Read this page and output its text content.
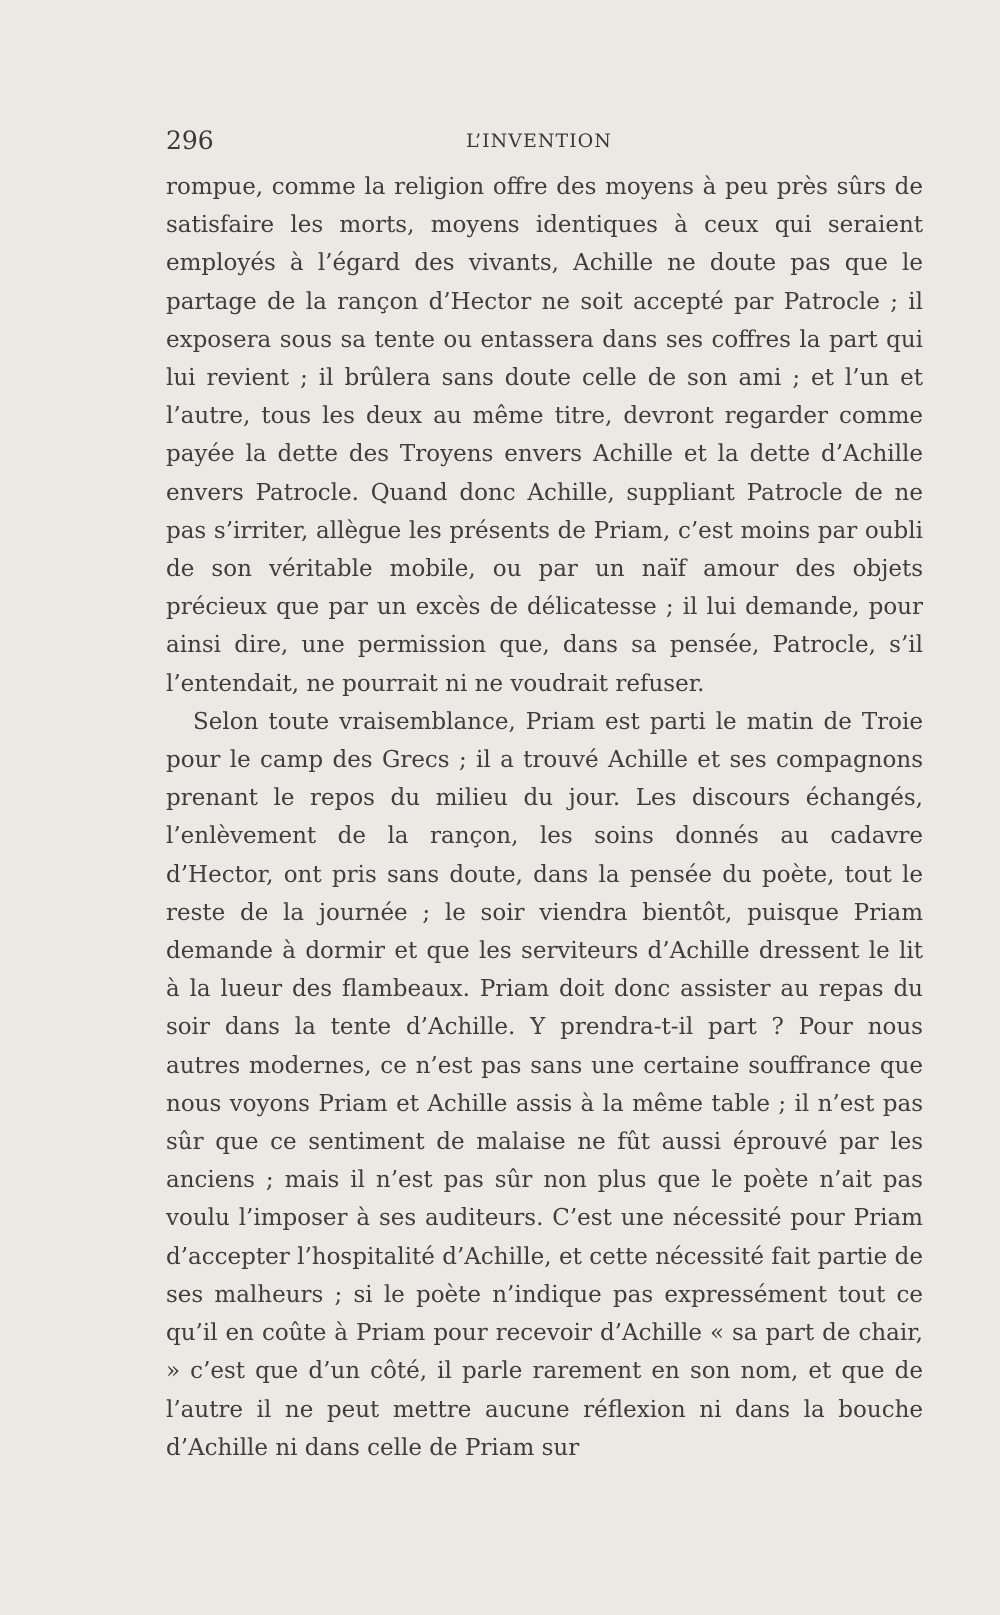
296	L’INVENTION

rompue, comme la religion offre des moyens à peu près sûrs de satisfaire les morts, moyens identiques à ceux qui seraient employés à l’égard des vivants, Achille ne doute pas que le partage de la rançon d’Hector ne soit accepté par Patrocle ; il exposera sous sa tente ou entassera dans ses coffres la part qui lui revient ; il brûlera sans doute celle de son ami ; et l’un et l’autre, tous les deux au même titre, devront regarder comme payée la dette des Troyens envers Achille et la dette d’Achille envers Patrocle. Quand donc Achille, suppliant Patrocle de ne pas s’irriter, allègue les présents de Priam, c’est moins par oubli de son véritable mobile, ou par un naïf amour des objets précieux que par un excès de délicatesse ; il lui demande, pour ainsi dire, une permission que, dans sa pensée, Patrocle, s’il l’entendait, ne pourrait ni ne voudrait refuser.

Selon toute vraisemblance, Priam est parti le matin de Troie pour le camp des Grecs ; il a trouvé Achille et ses compagnons prenant le repos du milieu du jour. Les discours échangés, l’enlèvement de la rançon, les soins donnés au cadavre d’Hector, ont pris sans doute, dans la pensée du poète, tout le reste de la journée ; le soir viendra bientôt, puisque Priam demande à dormir et que les serviteurs d’Achille dressent le lit à la lueur des flambeaux. Priam doit donc assister au repas du soir dans la tente d’Achille. Y prendra-t-il part ? Pour nous autres modernes, ce n’est pas sans une certaine souffrance que nous voyons Priam et Achille assis à la même table ; il n’est pas sûr que ce sentiment de malaise ne fût aussi éprouvé par les anciens ; mais il n’est pas sûr non plus que le poète n’ait pas voulu l’imposer à ses auditeurs. C’est une nécessité pour Priam d’accepter l’hospitalité d’Achille, et cette nécessité fait partie de ses malheurs ; si le poète n’indique pas expressément tout ce qu’il en coûte à Priam pour recevoir d’Achille « sa part de chair, » c’est que d’un côté, il parle rarement en son nom, et que de l’autre il ne peut mettre aucune réflexion ni dans la bouche d’Achille ni dans celle de Priam sur
